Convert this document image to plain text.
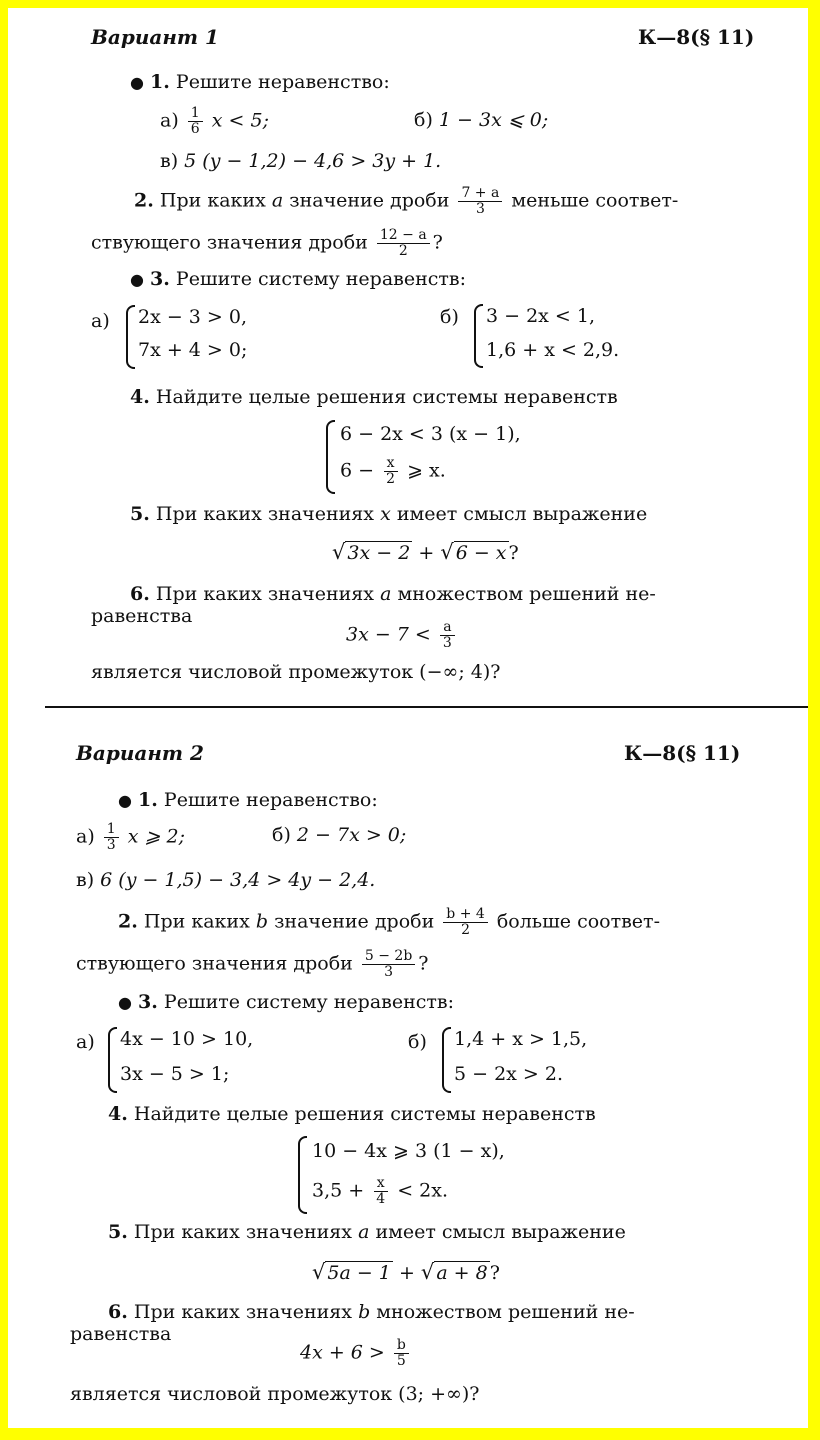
Вариант 1	К—8(§ 11)
● 1. Решите неравенство:
$а) \frac{1}{6}$ x < 5;	б) 1 − 3x ⩽ 0;
в) 5 (y − 1,2) − 4,6 > 3y + 1.
2. При каких a значение дроби $\frac{7 + a}{3}$ меньше соответ-
ствующего значения дроби $\frac{12 - a}{2}$ ?
● 3. Решите систему неравенств:
а) 2x − 3 > 0,
7x + 4 > 0;
б) 3 − 2x < 1,
1,6 + x < 2,9.
4. Найдите целые решения системы неравенств
6 − 2x < 3 (x − 1),
$6 - \frac{x}{2}$ ⩾ x.
5. При каких значениях x имеет смысл выражение
√ 3x − 2 + √ 6 − x ?
6. При каких значениях a множеством решений не-
равенства
$3x - 7 < \frac{a}{3}$
является числовой промежуток (−∞; 4)?
Вариант 2	К—8(§ 11)
● 1. Решите неравенство:
$а) \frac{1}{3}$ x ⩾ 2;	б) 2 − 7x > 0;
в) 6 (y − 1,5) − 3,4 > 4y − 2,4.
2. При каких b значение дроби $\frac{b + 4}{2}$ больше соответ-
ствующего значения дроби $\frac{5 - 2b}{3}$ ?
● 3. Решите систему неравенств:
а) 4x − 10 > 10,
3x − 5 > 1;
б) 1,4 + x > 1,5,
5 − 2x > 2.
4. Найдите целые решения системы неравенств
10 − 4x ⩾ 3 (1 − x),
$3,5 + \frac{x}{4} < 2x$.
5. При каких значениях a имеет смысл выражение
√ 5a − 1 + √ a + 8 ?
6. При каких значениях b множеством решений не-
равенства
$4x + 6 > \frac{b}{5}$
является числовой промежуток (3; +∞)?
